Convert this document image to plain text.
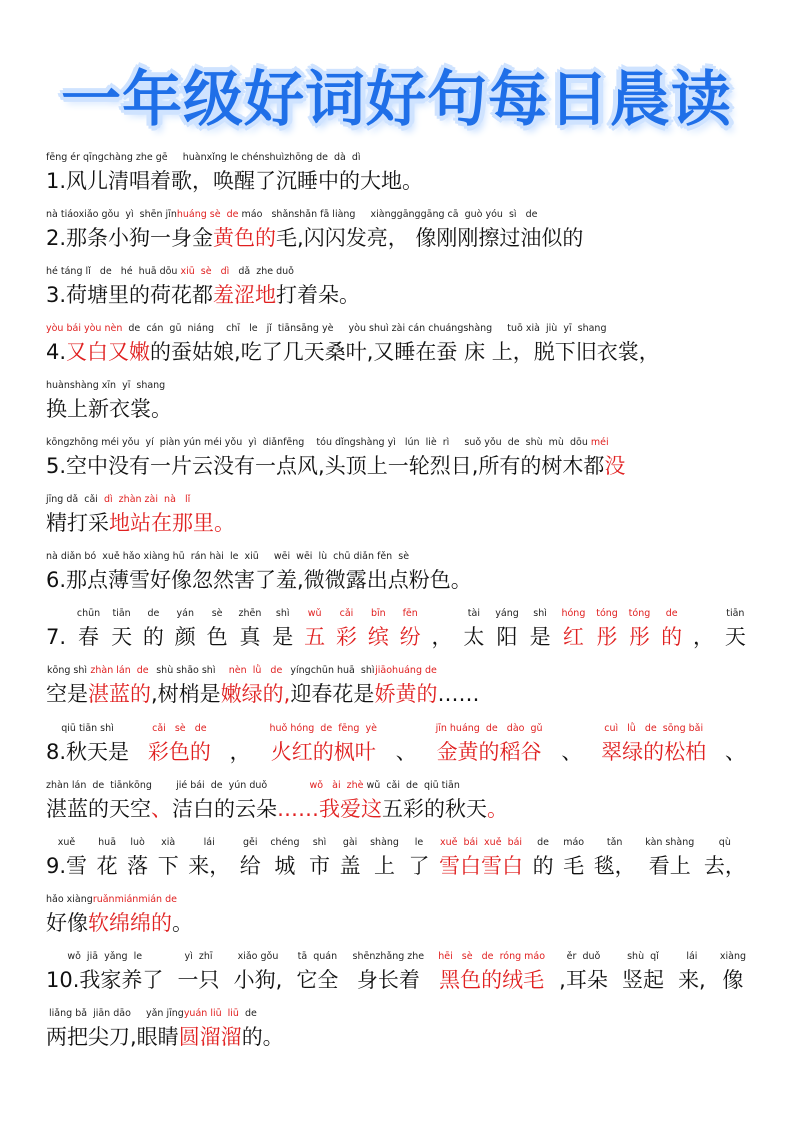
一年级好词好句每日晨读
fēng ér qīngchàng zhe gē     huànxǐng le chénshuìzhōng de  dà  dì
1.风儿清唱着歌，唤醒了沉睡中的大地。
nà tiáoxiǎo gǒu  yì  shēn jīnhuáng sè  de máo   shǎnshǎn fā liàng     xiànggānggāng cā  guò yóu  sì   de
2.那条小狗一身金黄色的毛,闪闪发亮， 像刚刚擦过油似的
hé táng lǐ   de   hé  huā dōu xiū  sè   dì   dǎ  zhe duǒ
3.荷塘里的荷花都羞涩地打着朵。
yòu bái yòu nèn  de  cán  gū  niáng    chī   le   jǐ  tiānsāng yè     yòu shuì zài cán chuángshàng     tuō xià  jiù  yī  shang
4.又白又嫩的蚕姑娘,吃了几天桑叶,又睡在蚕 床 上，脱下旧衣裳，
huànshàng xīn  yī  shang
换上新衣裳。
kōngzhōng méi yǒu  yí  piàn yún méi yǒu  yì  diǎnfēng    tóu dǐngshàng yì   lún  liè  rì     suǒ yǒu  de  shù  mù  dōu méi
5.空中没有一片云没有一点风,头顶上一轮烈日,所有的树木都没
jīng dǎ  cǎi  dì  zhàn zài  nà   lǐ
精打采地站在那里。
nà diǎn bó  xuě hǎo xiàng hū  rán hài  le  xiū     wēi  wēi  lù  chū diǎn fěn  sè
6.那点薄雪好像忽然害了羞,微微露出点粉色。
zhàn lán  de  tiānkōng	jié bái  de  yún duǒ              wǒ   ài  zhè wǔ  cǎi  de  qiū tiān
湛蓝的天空、洁白的云朵……我爱这五彩的秋天。
hǎo xiàngruǎnmiánmián de
好像软绵绵的。
liǎng bǎ  jiān dāo     yǎn jīngyuán liū  liū  de
两把尖刀,眼睛圆溜溜的。
7.
chūn
春
tiān
天
de
的
yán
颜
sè
色
zhēn
真
shì
是
wǔ
五
cǎi
彩
bīn
缤
fēn
纷 ，
tài
太
yáng
阳
shì
是
hóng
红
tóng
彤
tóng
彤
de
的 ，
tiān
天
kōng shì
空是
zhàn lán  de
湛蓝的
shù shāo shì
,树梢是
nèn  lǜ   de
嫩绿的,
yíngchūn huā  shì
迎春花是
jiāohuáng de
娇黄的 ……
qiū tiān shì
8.秋天是
cǎi   sè   de
彩色的 ，
huǒ hóng  de  fēng  yè
火红的枫叶 、
jīn huáng  de   dào  gǔ
金黄的稻谷 、
cuì   lǜ   de  sōng bǎi
翠绿的松柏 、
xuě
9.雪
huā
花
luò
落
xià
下
lái
来，
gěi
给
chéng
城
shì
市
gài
盖
shàng
上
le
了
xuě  bái  xuě  bái
雪白雪白
de
的
máo
毛
tǎn
毯，
kàn shàng
看上
qù
去，
wǒ  jiā  yǎng  le
10.我家养了
yì  zhī
一只
xiǎo gǒu
小狗,
tā  quán
它全
shēnzhǎng zhe
身长着
hēi   sè   de  róng máo
黑色的绒毛
ěr  duǒ
,耳朵
shù  qǐ
竖起
lái
来,
xiàng
像
